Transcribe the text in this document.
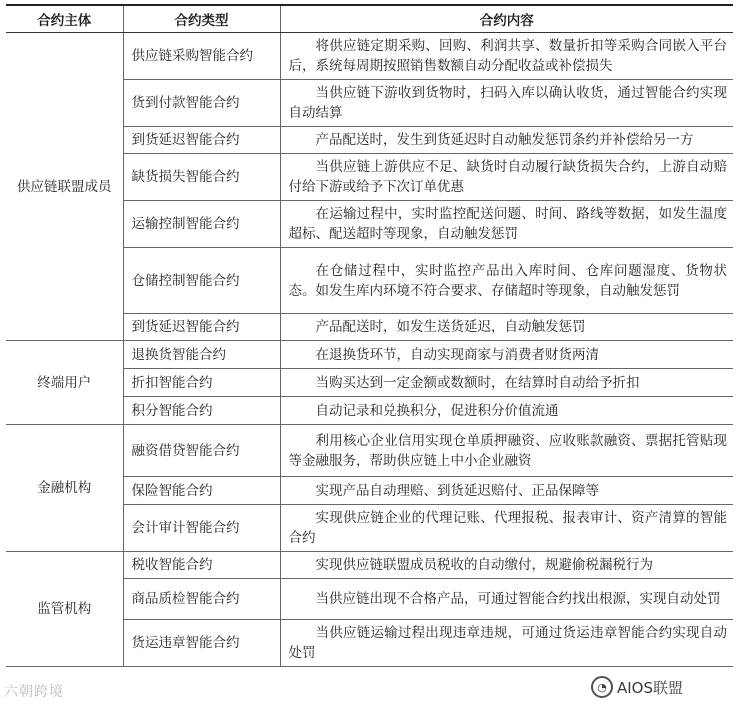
合约主体	合约类型	合约内容
供应链联盟成员	供应链采购智能合约	将供应链定期采购、回购、利润共享、数量折扣等采购合同嵌入平台后，系统每周期按照销售数额自动分配收益或补偿损失

	货到付款智能合约	当供应链下游收到货物时，扫码入库以确认收货，通过智能合约实现自动结算

	到货延迟智能合约	产品配送时，发生到货延迟时自动触发惩罚条约并补偿给另一方

	缺货损失智能合约	当供应链上游供应不足、缺货时自动履行缺货损失合约，上游自动赔付给下游或给予下次订单优惠

	运输控制智能合约	在运输过程中，实时监控配送问题、时间、路线等数据，如发生温度超标、配送超时等现象，自动触发惩罚

	仓储控制智能合约	在仓储过程中，实时监控产品出入库时间、仓库问题湿度、货物状态。如发生库内环境不符合要求、存储超时等现象，自动触发惩罚

	到货延迟智能合约	产品配送时，如发生送货延迟，自动触发惩罚

终端用户	退换货智能合约	在退换货环节，自动实现商家与消费者财货两清

	折扣智能合约	当购买达到一定金额或数额时，在结算时自动给予折扣

	积分智能合约	自动记录和兑换积分，促进积分价值流通

金融机构	融资借贷智能合约	利用核心企业信用实现仓单质押融资、应收账款融资、票据托管贴现等金融服务，帮助供应链上中小企业融资

	保险智能合约	实现产品自动理赔、到货延迟赔付、正品保障等

	会计审计智能合约	实现供应链企业的代理记账、代理报税、报表审计、资产清算的智能合约

监管机构	税收智能合约	实现供应链联盟成员税收的自动缴付，规避偷税漏税行为

	商品质检智能合约	当供应链出现不合格产品，可通过智能合约找出根源，实现自动处罚

	货运违章智能合约	当供应链运输过程出现违章违规，可通过货运违章智能合约实现自动处罚
六朝跨境	◔ AIOS联盟
